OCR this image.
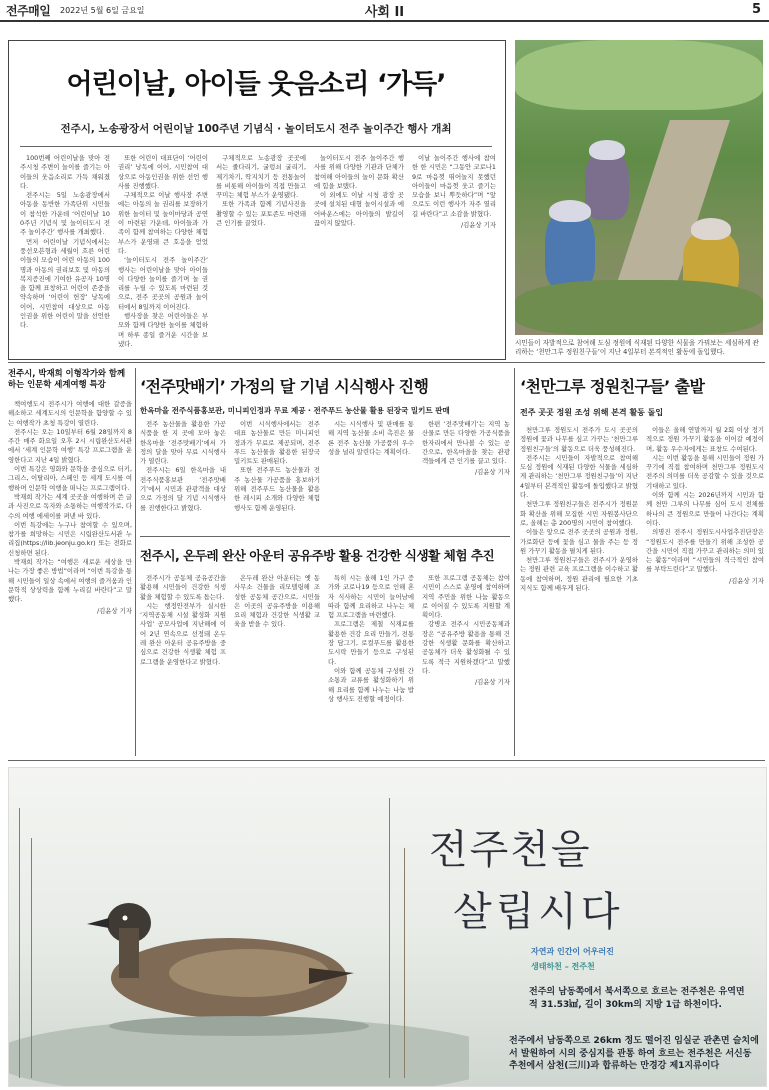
전주매일 2022년 5월 6일 금요일	사회 II	5
어린이날, 아이들 웃음소리 ‘가득’
전주시, 노송광장서 어린이날 100주년 기념식 · 놀이터도시 전주 놀이주간 행사 개최

100번째 어린이날을 맞아 전주시청 주변이 놀이를 즐기는 아이들의 웃음소리로 가득 채워졌다.

전주시는 5일 노송광장에서 아동을 동반한 가족단위 시민들이 참석한 가운데 ‘어린이날 100주년 기념식 및 놀이터도시 전주 놀이주간’ 행사를 개최했다.

먼저 어린이날 기념식에서는 풍선오븐형과 세월이 흐른 어린이들의 모습이 어린 아동의 100명과 아동의 권리보호 및 아동의 복지증진에 기여한 유공자 10명을 함께 표창하고 어린이 존중을 약속하며 ‘어린이 헌장’ 낭독에 이어, 시민참여 대상으로 아동 인권을 위한 어린이 말을 선언한다.

또한 어린이 대표단이 ‘어린이 권리’ 낭독에 이어, 시민참여 대상으로 아동인권을 위한 선언 행사를 진행했다.

구체적으로 이날 행사장 주변에는 아동의 놀 권리를 보장하기 위한 놀이터 및 놀이마당과 공연이 마련된 가운데, 아이들과 가족이 함께 참여하는 다양한 체험 부스가 운영돼 큰 호응을 얻었다.

‘놀이터도시 전주 놀이주간’ 행사는 어린이날을 맞아 아이들이 다양한 놀이를 즐기며 놀 권리를 누릴 수 있도록 마련된 것으로, 전주 곳곳의 공원과 놀이터에서 8일까지 이어진다.

행사장을 찾은 어린이들은 부모와 함께 다양한 놀이를 체험하며 하루 종일 즐거운 시간을 보냈다.

구체적으로 노송광장 곳곳에서는 줄다리기, 굴렁쇠 굴리기, 제기차기, 딱지치기 등 전통놀이를 비롯해 아이들이 직접 만들고 꾸미는 체험 부스가 운영됐다.

또한 가족과 함께 기념사진을 촬영할 수 있는 포토존도 마련돼 큰 인기를 끌었다.

놀이터도시 전주 놀이주간 행사를 위해 다양한 기관과 단체가 참여해 아이들의 놀이 문화 확산에 힘을 보탰다.

이 외에도 이날 시청 광장 곳곳에 설치된 대형 놀이시설과 에어바운스에는 아이들의 발길이 끊이지 않았다.

이날 놀이주간 행사에 참여한 한 시민은 “그동안 코로나19로 마음껏 뛰어놀지 못했던 아이들이 마음껏 웃고 즐기는 모습을 보니 뿌듯하다”며 “앞으로도 이런 행사가 자주 열리길 바란다”고 소감을 밝혔다.

/김윤상 기자
시민들이 자발적으로 참여해 도심 정원에 식재된 다양한 식물을 가꿔보는 세심하게 관리하는 ‘천만그루 정원친구들’이 지난 4일부터 본격적인 활동에 돌입했다.
전주시, 박재희 이형작가와 함께하는 인문학 세계여행 특강

책여행도시 전주시가 여행에 대한 갈증을 해소하고 세계도시의 인문학을 함양할 수 있는 여행작가 초청 특강이 열린다.

전주시는 오는 10일부터 6월 28일까지 8주간 매주 화요일 오후 2시 시립완산도서관에서 ‘세계 인문학 여행’ 특강 프로그램을 운영한다고 지난 4일 밝혔다.

이번 특강은 영화와 문학을 중심으로 터키, 그리스, 이탈리아, 스페인 등 세계 도시를 여행하며 인문학 여행을 떠나는 프로그램이다.

박재희 작가는 세계 곳곳을 여행하며 쓴 글과 사진으로 독자와 소통하는 여행작가로, 다수의 여행 에세이를 펴낸 바 있다.

이번 특강에는 누구나 참여할 수 있으며, 참가를 희망하는 시민은 시립완산도서관 누리집(https://lib.jeonju.go.kr) 또는 전화로 신청하면 된다.

박재희 작가는 “여행은 새로운 세상을 만나는 가장 좋은 방법”이라며 “이번 특강을 통해 시민들이 일상 속에서 여행의 즐거움과 인문학적 상상력을 함께 누리길 바란다”고 말했다.

/김윤상 기자
‘전주맛배기’ 가정의 달 기념 시식행사 진행
한옥마을 전주식품홍보관, 미니피인정과 무료 제공 · 전주푸드 농산물 활용 된장국 밀키트 판매

전주 농산물을 활용한 가공식품을 한 지 곳에 모아 놓은 한옥마을 ‘전주맛배기’에서 가정의 달을 맞아 무료 시식행사가 열린다.

전주시는 6일 한옥마을 내 전주식품홍보관 ‘전주맛배기’에서 시민과 관광객을 대상으로 가정의 달 기념 시식행사를 진행한다고 밝혔다.

이번 시식행사에서는 전주 대표 농산물로 만든 미니피인정과가 무료로 제공되며, 전주푸드 농산물을 활용한 된장국 밀키트도 판매된다.

또한 전주푸드 농산물과 전주 농산물 가공품을 홍보하기 위해 전주푸드 농산물을 활용한 레시피 소개와 다양한 체험 행사도 함께 운영된다.

시는 시식행사 및 판매를 통해 지역 농산물 소비 촉진은 물론 전주 농산물 가공품의 우수성을 널리 알린다는 계획이다.

한편 ‘전주맛배기’는 지역 농산물로 만든 다양한 가공식품을 한자리에서 만나볼 수 있는 공간으로, 한옥마을을 찾는 관광객들에게 큰 인기를 끌고 있다.

/김윤상 기자
전주시, 온두레 완산 아운터 공유주방 활용 건강한 식생활 체험 추진

전주시가 공동체 공유공간을 활용해 시민들이 건강한 식생활을 체험할 수 있도록 돕는다.

시는 행정안전부가 실시한 ‘지역공동체 시설 활성화 지원사업’ 공모사업에 지난해에 이어 2년 연속으로 선정돼 온두레 완산 아운터 공유주방을 중심으로 건강한 식생활 체험 프로그램을 운영한다고 밝혔다.

온두레 완산 아운터는 옛 동사무소 건물을 리모델링해 조성한 공동체 공간으로, 시민들은 이곳의 공유주방을 이용해 요리 체험과 건강한 식생활 교육을 받을 수 있다.

특히 시는 올해 1인 가구 증가와 코로나19 등으로 인해 혼자 식사하는 시민이 늘어남에 따라 함께 요리하고 나누는 체험 프로그램을 마련했다.

프로그램은 제철 식재료를 활용한 건강 요리 만들기, 전통 장 담그기, 로컬푸드를 활용한 도시락 만들기 등으로 구성된다.

이와 함께 공동체 구성원 간 소통과 교류를 활성화하기 위해 요리를 함께 나누는 나눔 밥상 행사도 진행할 예정이다.

또한 프로그램 공동체는 참여 시민이 스스로 운영에 참여하며 지역 주민을 위한 나눔 활동으로 이어질 수 있도록 지원할 계획이다.

강병조 전주시 시민공동체과장은 “공유주방 활용을 통해 건강한 식생활 문화를 확산하고 공동체가 더욱 활성화될 수 있도록 적극 지원하겠다”고 말했다.

/김윤상 기자
‘천만그루 정원친구들’ 출발
전주 곳곳 정원 조성 위해 본격 활동 돌입

천만그루 정원도시 전주가 도시 곳곳의 정원에 꽃과 나무를 심고 가꾸는 ‘천만그루 정원친구들’의 활동으로 더욱 풍성해진다.

전주시는 시민들이 자발적으로 참여해 도심 정원에 식재된 다양한 식물을 세심하게 관리하는 ‘천만그루 정원친구들’이 지난 4일부터 본격적인 활동에 돌입했다고 밝혔다.

천만그루 정원친구들은 전주시가 정원문화 확산을 위해 모집한 시민 자원봉사단으로, 올해는 총 200명의 시민이 참여했다.

이들은 앞으로 전주 곳곳의 공원과 정원, 가로화단 등에 꽃을 심고 물을 주는 등 정원 가꾸기 활동을 펼치게 된다.

천만그루 정원친구들은 전주시가 운영하는 정원 관련 교육 프로그램을 이수하고 활동에 참여하며, 정원 관리에 필요한 기초 지식도 함께 배우게 된다.

이들은 올해 연말까지 월 2회 이상 정기적으로 정원 가꾸기 활동을 이어갈 예정이며, 활동 우수자에게는 표창도 수여된다.

시는 이번 활동을 통해 시민들이 정원 가꾸기에 직접 참여하며 천만그루 정원도시 전주의 의미를 더욱 공감할 수 있을 것으로 기대하고 있다.

이와 함께 시는 2026년까지 시민과 함께 천만 그루의 나무를 심어 도시 전체를 하나의 큰 정원으로 만들어 나간다는 계획이다.

의명진 전주시 정원도시사업추진단장은 “정원도시 전주를 만들기 위해 조성한 공간을 시민이 직접 가꾸고 관리하는 의미 있는 활동”이라며 “시민들의 적극적인 참여를 부탁드린다”고 말했다.

/김윤상 기자
전주천을
살립시다
자연과 인간이 어우러진
생태하천 – 전주천
전주의 남동쪽에서 북서쪽으로 흐르는 전주천은 유역면적 31.53㎢, 길이 30km의 지방 1급 하천이다.
전주에서 남동쪽으로 26km 정도 떨어진 임실군 관촌면 슬치에서 발원하여 시의 중심지를 관통 하여 흐르는 전주천은 서신동 추천에서 삼천(三川)과 합류하는 만경강 제1지류이다
